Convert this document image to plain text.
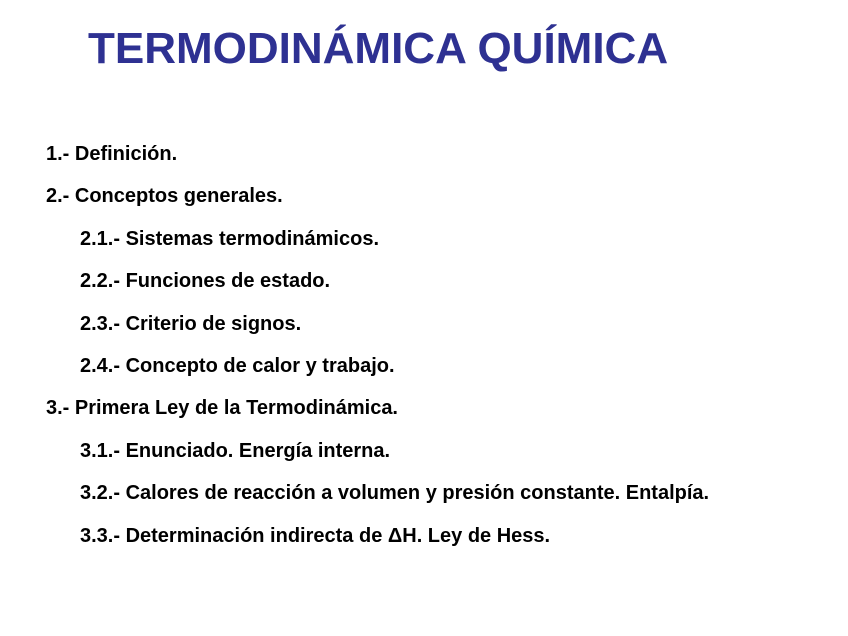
TERMODINÁMICA QUÍMICA
1.- Definición.
2.- Conceptos generales.
2.1.- Sistemas termodinámicos.
2.2.- Funciones de estado.
2.3.- Criterio de signos.
2.4.- Concepto de calor y trabajo.
3.- Primera Ley de la Termodinámica.
3.1.- Enunciado. Energía interna.
3.2.- Calores de reacción a volumen y presión constante. Entalpía.
3.3.- Determinación indirecta de ΔH. Ley de Hess.
